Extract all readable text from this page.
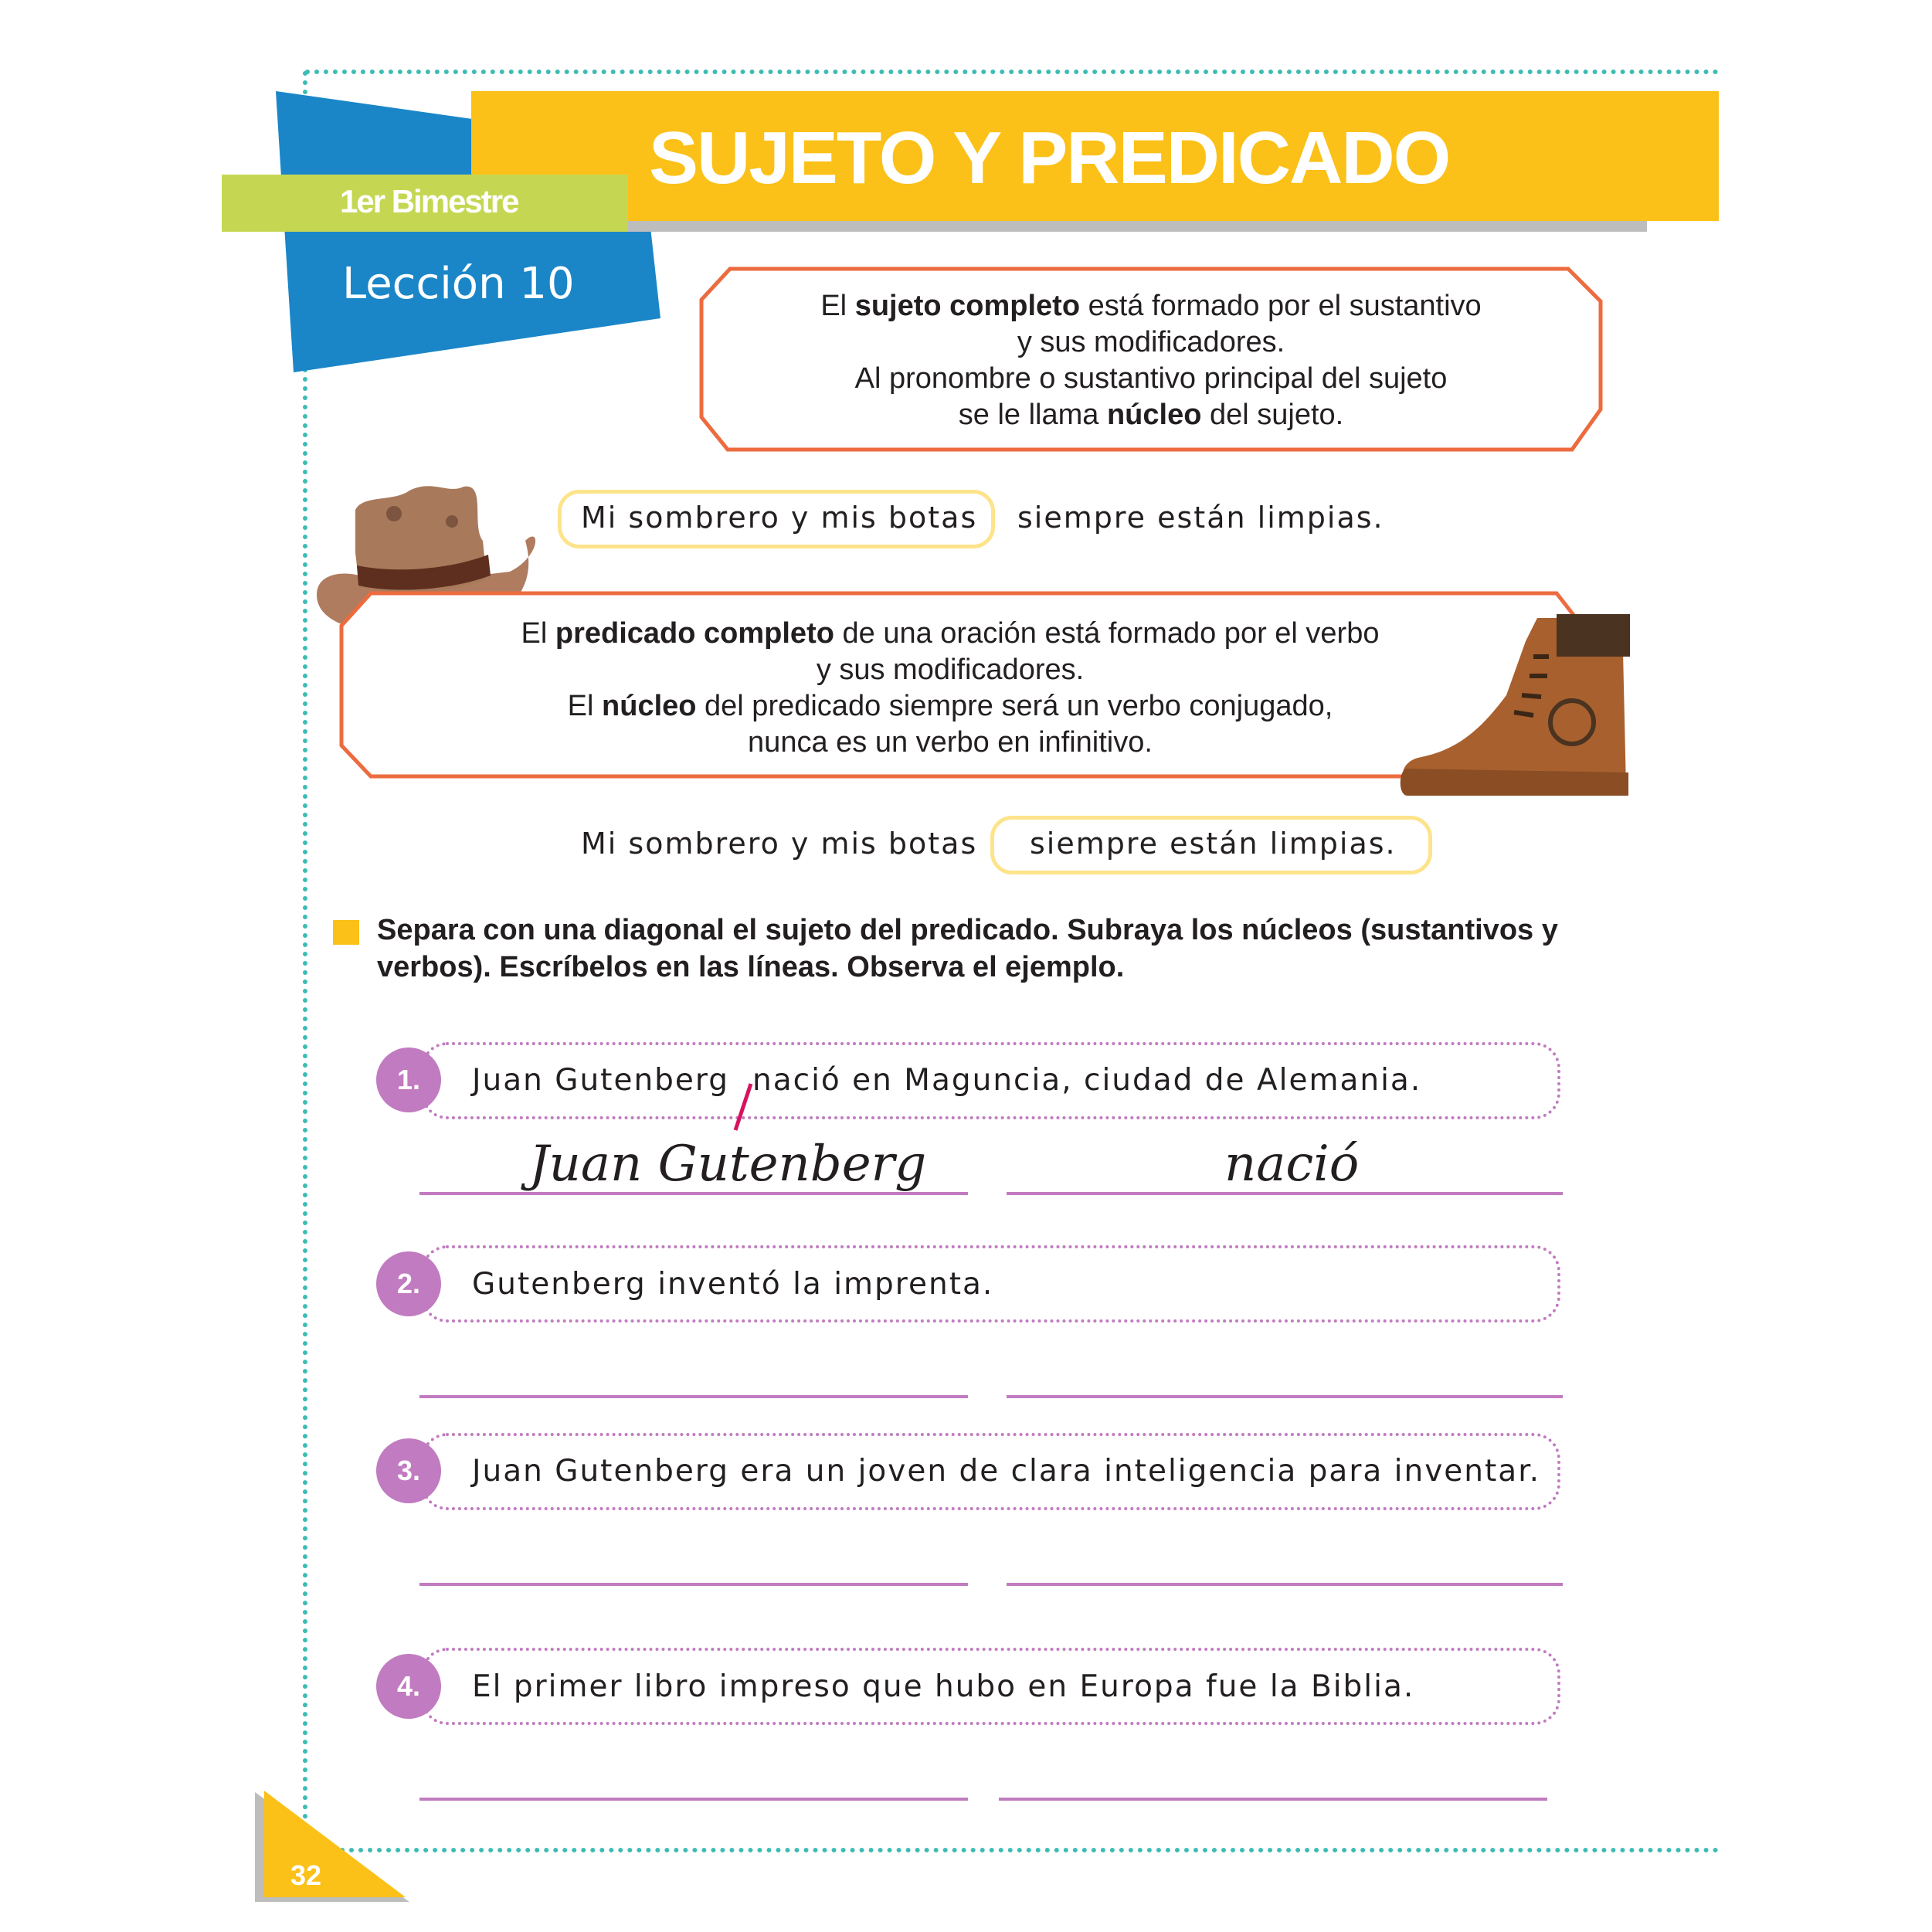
SUJETO Y PREDICADO
1er Bimestre
Lección 10	El sujeto completo está formado por el sustantivo
y sus modificadores.
Al pronombre o sustantivo principal del sujeto
se le llama núcleo del sujeto.
Mi sombrero y mis botas siempre están limpias.
El predicado completo de una oración está formado por el verbo
y sus modificadores.
El núcleo del predicado siempre será un verbo conjugado,
nunca es un verbo en infinitivo.
Mi sombrero y mis botas siempre están limpias.
Separa con una diagonal el sujeto del predicado. Subraya los núcleos (sustantivos y verbos). Escríbelos en las líneas. Observa el ejemplo.
1.	Juan Gutenberg nació en Maguncia, ciudad de Alemania.
Juan Gutenberg	nació
2.	Gutenberg inventó la imprenta.
3.	Juan Gutenberg era un joven de clara inteligencia para inventar.
4.	El primer libro impreso que hubo en Europa fue la Biblia.
32
